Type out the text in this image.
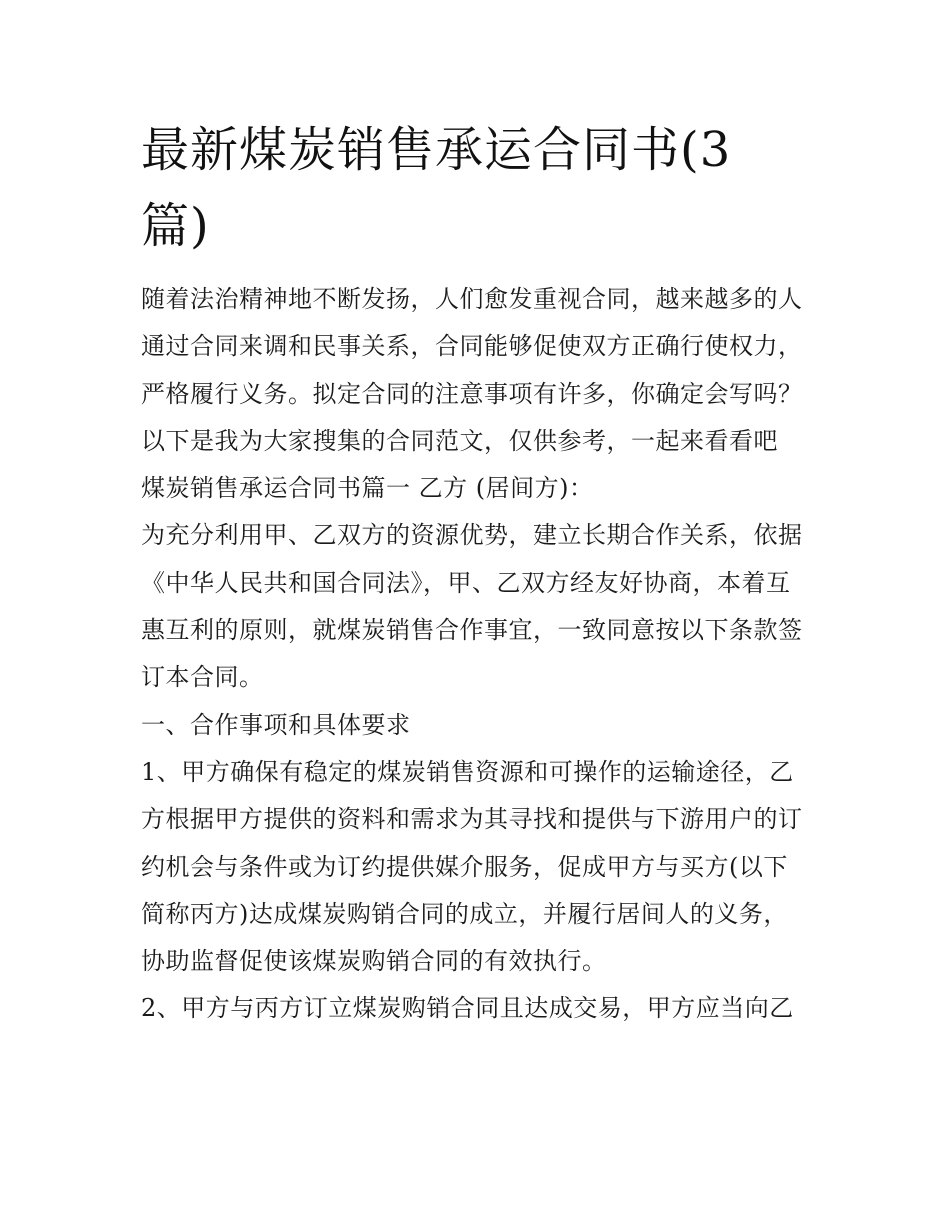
最新煤炭销售承运合同书(3篇)

随着法治精神地不断发扬，人们愈发重视合同，越来越多的人

通过合同来调和民事关系，合同能够促使双方正确行使权力，

严格履行义务。拟定合同的注意事项有许多，你确定会写吗？

以下是我为大家搜集的合同范文，仅供参考，一起来看看吧

煤炭销售承运合同书篇一 乙方 (居间方)：

为充分利用甲、乙双方的资源优势，建立长期合作关系，依据

《中华人民共和国合同法》，甲、乙双方经友好协商，本着互

惠互利的原则，就煤炭销售合作事宜，一致同意按以下条款签

订本合同。

一、合作事项和具体要求

1、甲方确保有稳定的煤炭销售资源和可操作的运输途径，乙

方根据甲方提供的资料和需求为其寻找和提供与下游用户的订

约机会与条件或为订约提供媒介服务，促成甲方与买方(以下

简称丙方)达成煤炭购销合同的成立，并履行居间人的义务，

协助监督促使该煤炭购销合同的有效执行。

2、甲方与丙方订立煤炭购销合同且达成交易，甲方应当向乙
